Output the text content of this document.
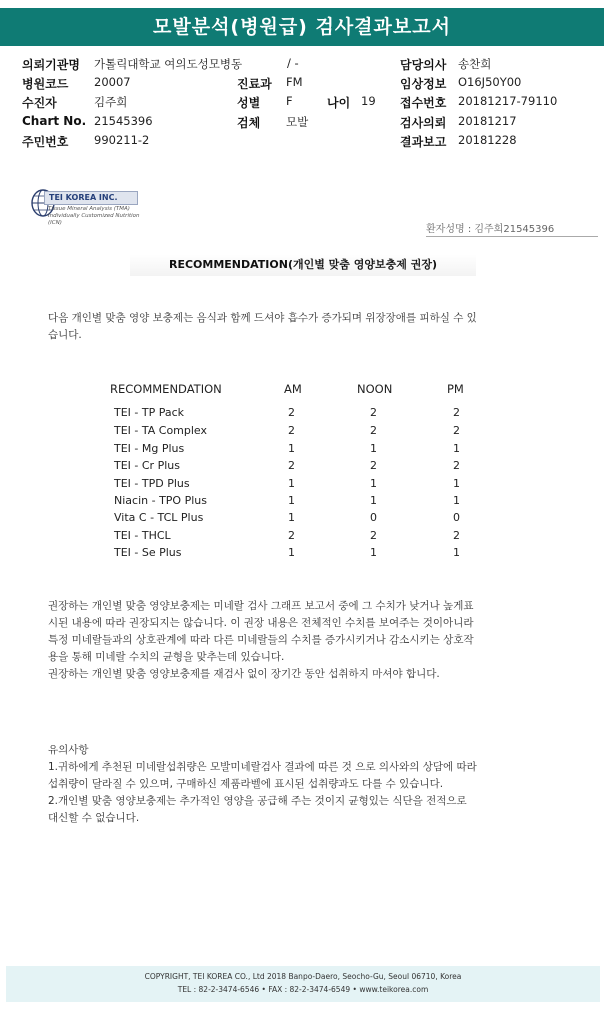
모발분석(병원급) 검사결과보고서
의뢰기관명 가톨릭대학교 여의도성모병동	/ -	담당의사 송찬희
병원코드 20007	진료과 FM	임상정보 O16J50Y00
수진자	김주희	성별 F	나이 19 접수번호 20181217-79110
Chart No. 21545396	검체 모발	검사의뢰 20181217
주민번호 990211-2	결과보고 20181228
TEI KOREA INC.
Tissue Mineral Analysis (TMA)
Individually Customized Nutrition (ICN)
환자성명 : 김주희21545396
RECOMMENDATION(개인별 맞춤 영양보충제 권장)
다음 개인별 맞춤 영양 보충제는 음식과 함께 드셔야 흡수가 증가되며 위장장애를 피하실 수 있
습니다.
RECOMMENDATION	AM	NOON	PM
TEI - TP Pack	2	2	2
TEI - TA Complex	2	2	2
TEI - Mg Plus	1	1	1
TEI - Cr Plus	2	2	2
TEI - TPD Plus	1	1	1
Niacin - TPO Plus	1	1	1
Vita C - TCL Plus	1	0	0
TEI - THCL	2	2	2
TEI - Se Plus	1	1	1
권장하는 개인별 맞춤 영양보충제는 미네랄 검사 그래프 보고서 중에 그 수치가 낮거나 높게표
시된 내용에 따라 권장되지는 않습니다. 이 권장 내용은 전체적인 수치를 보여주는 것이아니라
특정 미네랄들과의 상호관계에 따라 다른 미네랄들의 수치를 증가시키거나 감소시키는 상호작
용을 통해 미네랄 수치의 균형을 맞추는데 있습니다.
권장하는 개인별 맞춤 영양보충제를 재검사 없이 장기간 동안 섭취하지 마셔야 합니다.
유의사항
1.귀하에게 추천된 미네랄섭취량은 모발미네랄검사 결과에 따른 것 으로 의사와의 상담에 따라
섭취량이 달라질 수 있으며, 구매하신 제품라벨에 표시된 섭취량과도 다를 수 있습니다.
2.개인별 맞춤 영양보충제는 추가적인 영양을 공급해 주는 것이지 균형있는 식단을 전적으로
대신할 수 없습니다.
COPYRIGHT, TEI KOREA CO., Ltd 2018 Banpo-Daero, Seocho-Gu, Seoul 06710, Korea
TEL : 82-2-3474-6546 • FAX : 82-2-3474-6549 • www.teikorea.com
